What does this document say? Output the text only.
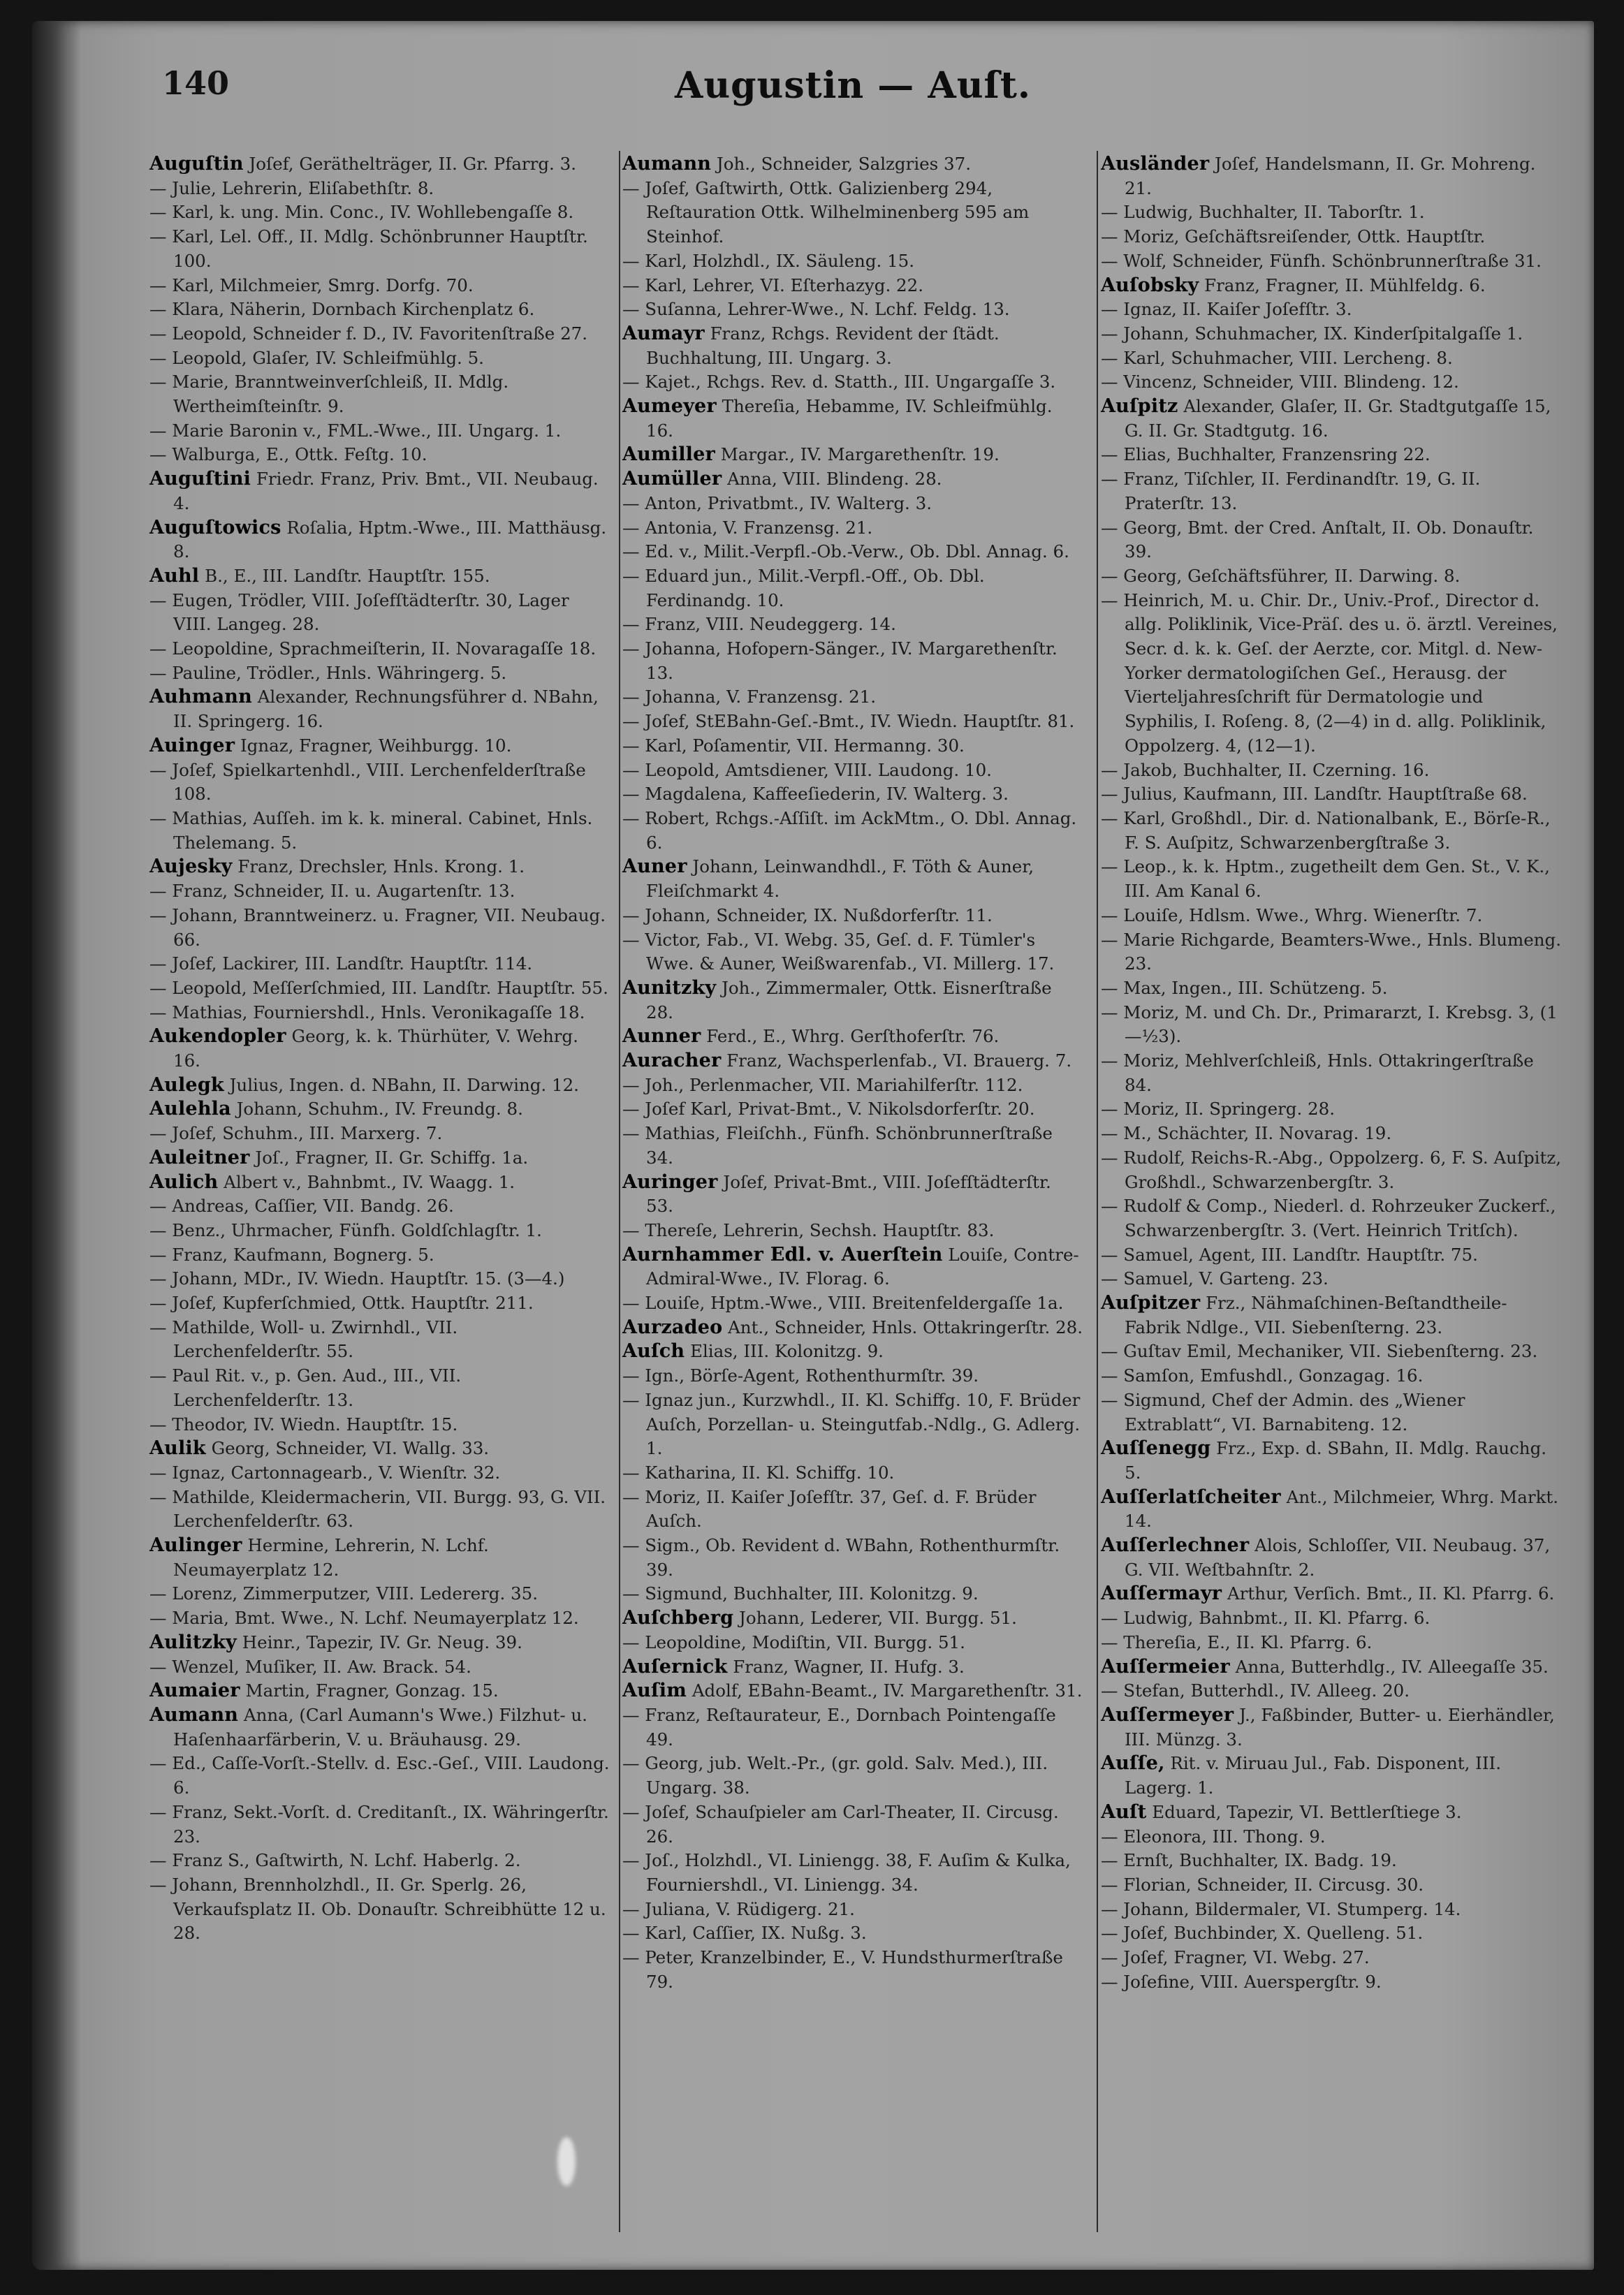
140	Augustin — Auſt.

Auguſtin Joſef, Geräthelträger, II. Gr. Pfarrg. 3.

— Julie, Lehrerin, Eliſabethſtr. 8.

— Karl, k. ung. Min. Conc., IV. Wohllebengaſſe 8.

— Karl, Lel. Off., II. Mdlg. Schönbrunner Hauptſtr. 100.

— Karl, Milchmeier, Smrg. Dorfg. 70.

— Klara, Näherin, Dornbach Kirchenplatz 6.

— Leopold, Schneider f. D., IV. Favoritenſtraße 27.

— Leopold, Glaſer, IV. Schleifmühlg. 5.

— Marie, Branntweinverſchleiß, II. Mdlg. Wertheimſteinſtr. 9.

— Marie Baronin v., FML.-Wwe., III. Ungarg. 1.

— Walburga, E., Ottk. Feſtg. 10.

Auguſtini Friedr. Franz, Priv. Bmt., VII. Neubaug. 4.

Auguſtowics Roſalia, Hptm.-Wwe., III. Matthäusg. 8.

Auhl B., E., III. Landſtr. Hauptſtr. 155.

— Eugen, Trödler, VIII. Joſefſtädterſtr. 30, Lager VIII. Langeg. 28.

— Leopoldine, Sprachmeiſterin, II. Novaragaſſe 18.

— Pauline, Trödler., Hnls. Währingerg. 5.

Auhmann Alexander, Rechnungsführer d. NBahn, II. Springerg. 16.

Auinger Ignaz, Fragner, Weihburgg. 10.

— Joſef, Spielkartenhdl., VIII. Lerchenfelderſtraße 108.

— Mathias, Auſſeh. im k. k. mineral. Cabinet, Hnls. Thelemang. 5.

Aujesky Franz, Drechsler, Hnls. Krong. 1.

— Franz, Schneider, II. u. Augartenſtr. 13.

— Johann, Branntweinerz. u. Fragner, VII. Neubaug. 66.

— Joſef, Lackirer, III. Landſtr. Hauptſtr. 114.

— Leopold, Meſſerſchmied, III. Landſtr. Hauptſtr. 55.

— Mathias, Fourniershdl., Hnls. Veronikagaſſe 18.

Aukendopler Georg, k. k. Thürhüter, V. Wehrg. 16.

Aulegk Julius, Ingen. d. NBahn, II. Darwing. 12.

Aulehla Johann, Schuhm., IV. Freundg. 8.

— Joſef, Schuhm., III. Marxerg. 7.

Auleitner Joſ., Fragner, II. Gr. Schiffg. 1a.

Aulich Albert v., Bahnbmt., IV. Waagg. 1.

— Andreas, Caſſier, VII. Bandg. 26.

— Benz., Uhrmacher, Fünfh. Goldſchlagſtr. 1.

— Franz, Kaufmann, Bognerg. 5.

— Johann, MDr., IV. Wiedn. Hauptſtr. 15. (3—4.)

— Joſef, Kupferſchmied, Ottk. Hauptſtr. 211.

— Mathilde, Woll- u. Zwirnhdl., VII. Lerchenfelderſtr. 55.

— Paul Rit. v., p. Gen. Aud., III., VII. Lerchenfelderſtr. 13.

— Theodor, IV. Wiedn. Hauptſtr. 15.

Aulik Georg, Schneider, VI. Wallg. 33.

— Ignaz, Cartonnagearb., V. Wienſtr. 32.

— Mathilde, Kleidermacherin, VII. Burgg. 93, G. VII. Lerchenfelderſtr. 63.

Aulinger Hermine, Lehrerin, N. Lchf. Neumayerplatz 12.

— Lorenz, Zimmerputzer, VIII. Ledererg. 35.

— Maria, Bmt. Wwe., N. Lchf. Neumayerplatz 12.

Aulitzky Heinr., Tapezir, IV. Gr. Neug. 39.

— Wenzel, Muſiker, II. Aw. Brack. 54.

Aumaier Martin, Fragner, Gonzag. 15.

Aumann Anna, (Carl Aumann's Wwe.) Filzhut- u. Haſenhaarfärberin, V. u. Bräuhausg. 29.

— Ed., Caſſe-Vorſt.-Stellv. d. Esc.-Geſ., VIII. Laudong. 6.

— Franz, Sekt.-Vorſt. d. Creditanſt., IX. Währingerſtr. 23.

— Franz S., Gaſtwirth, N. Lchf. Haberlg. 2.

— Johann, Brennholzhdl., II. Gr. Sperlg. 26, Verkaufsplatz II. Ob. Donauſtr. Schreibhütte 12 u. 28.

Aumann Joh., Schneider, Salzgries 37.

— Joſef, Gaſtwirth, Ottk. Galizienberg 294, Reſtauration Ottk. Wilhelminenberg 595 am Steinhof.

— Karl, Holzhdl., IX. Säuleng. 15.

— Karl, Lehrer, VI. Eſterhazyg. 22.

— Suſanna, Lehrer-Wwe., N. Lchf. Feldg. 13.

Aumayr Franz, Rchgs. Revident der ſtädt. Buchhaltung, III. Ungarg. 3.

— Kajet., Rchgs. Rev. d. Statth., III. Ungargaſſe 3.

Aumeyer Thereſia, Hebamme, IV. Schleifmühlg. 16.

Aumiller Margar., IV. Margarethenſtr. 19.

Aumüller Anna, VIII. Blindeng. 28.

— Anton, Privatbmt., IV. Walterg. 3.

— Antonia, V. Franzensg. 21.

— Ed. v., Milit.-Verpfl.-Ob.-Verw., Ob. Dbl. Annag. 6.

— Eduard jun., Milit.-Verpfl.-Off., Ob. Dbl. Ferdinandg. 10.

— Franz, VIII. Neudeggerg. 14.

— Johanna, Hofopern-Sänger., IV. Margarethenſtr. 13.

— Johanna, V. Franzensg. 21.

— Joſef, StEBahn-Geſ.-Bmt., IV. Wiedn. Hauptſtr. 81.

— Karl, Poſamentir, VII. Hermanng. 30.

— Leopold, Amtsdiener, VIII. Laudong. 10.

— Magdalena, Kaffeeſiederin, IV. Walterg. 3.

— Robert, Rchgs.-Aſſiſt. im AckMtm., O. Dbl. Annag. 6.

Auner Johann, Leinwandhdl., F. Töth & Auner, Fleiſchmarkt 4.

— Johann, Schneider, IX. Nußdorferſtr. 11.

— Victor, Fab., VI. Webg. 35, Geſ. d. F. Tümler's Wwe. & Auner, Weißwarenfab., VI. Millerg. 17.

Aunitzky Joh., Zimmermaler, Ottk. Eisnerſtraße 28.

Aunner Ferd., E., Whrg. Gerſthoferſtr. 76.

Auracher Franz, Wachsperlenfab., VI. Brauerg. 7.

— Joh., Perlenmacher, VII. Mariahilferſtr. 112.

— Joſef Karl, Privat-Bmt., V. Nikolsdorferſtr. 20.

— Mathias, Fleiſchh., Fünfh. Schönbrunnerſtraße 34.

Auringer Joſef, Privat-Bmt., VIII. Joſefſtädterſtr. 53.

— Thereſe, Lehrerin, Sechsh. Hauptſtr. 83.

Aurnhammer Edl. v. Auerſtein Louiſe, Contre-Admiral-Wwe., IV. Florag. 6.

— Louiſe, Hptm.-Wwe., VIII. Breitenfeldergaſſe 1a.

Aurzadeo Ant., Schneider, Hnls. Ottakringerſtr. 28.

Auſch Elias, III. Kolonitzg. 9.

— Ign., Börſe-Agent, Rothenthurmſtr. 39.

— Ignaz jun., Kurzwhdl., II. Kl. Schiffg. 10, F. Brüder Auſch, Porzellan- u. Steingutfab.-Ndlg., G. Adlerg. 1.

— Katharina, II. Kl. Schiffg. 10.

— Moriz, II. Kaiſer Joſefſtr. 37, Geſ. d. F. Brüder Auſch.

— Sigm., Ob. Revident d. WBahn, Rothenthurmſtr. 39.

— Sigmund, Buchhalter, III. Kolonitzg. 9.

Auſchberg Johann, Lederer, VII. Burgg. 51.

— Leopoldine, Modiſtin, VII. Burgg. 51.

Auſernick Franz, Wagner, II. Hufg. 3.

Auſim Adolf, EBahn-Beamt., IV. Margarethenſtr. 31.

— Franz, Reſtaurateur, E., Dornbach Pointengaſſe 49.

— Georg, jub. Welt.-Pr., (gr. gold. Salv. Med.), III. Ungarg. 38.

— Joſef, Schauſpieler am Carl-Theater, II. Circusg. 26.

— Joſ., Holzhdl., VI. Liniengg. 38, F. Auſim & Kulka, Fourniershdl., VI. Liniengg. 34.

— Juliana, V. Rüdigerg. 21.

— Karl, Caſſier, IX. Nußg. 3.

— Peter, Kranzelbinder, E., V. Hundsthurmerſtraße 79.

Ausländer Joſef, Handelsmann, II. Gr. Mohreng. 21.

— Ludwig, Buchhalter, II. Taborſtr. 1.

— Moriz, Geſchäftsreiſender, Ottk. Hauptſtr.

— Wolf, Schneider, Fünfh. Schönbrunnerſtraße 31.

Auſobsky Franz, Fragner, II. Mühlfeldg. 6.

— Ignaz, II. Kaiſer Joſefſtr. 3.

— Johann, Schuhmacher, IX. Kinderſpitalgaſſe 1.

— Karl, Schuhmacher, VIII. Lercheng. 8.

— Vincenz, Schneider, VIII. Blindeng. 12.

Auſpitz Alexander, Glaſer, II. Gr. Stadtgutgaſſe 15, G. II. Gr. Stadtgutg. 16.

— Elias, Buchhalter, Franzensring 22.

— Franz, Tiſchler, II. Ferdinandſtr. 19, G. II. Praterſtr. 13.

— Georg, Bmt. der Cred. Anſtalt, II. Ob. Donauſtr. 39.

— Georg, Geſchäftsführer, II. Darwing. 8.

— Heinrich, M. u. Chir. Dr., Univ.-Prof., Director d. allg. Poliklinik, Vice-Präſ. des u. ö. ärztl. Vereines, Secr. d. k. k. Geſ. der Aerzte, cor. Mitgl. d. New-Yorker dermatologiſchen Geſ., Herausg. der Vierteljahresſchrift für Dermatologie und Syphilis, I. Roſeng. 8, (2—4) in d. allg. Poliklinik, Oppolzerg. 4, (12—1).

— Jakob, Buchhalter, II. Czerning. 16.

— Julius, Kaufmann, III. Landſtr. Hauptſtraße 68.

— Karl, Großhdl., Dir. d. Nationalbank, E., Börſe-R., F. S. Auſpitz, Schwarzenbergſtraße 3.

— Leop., k. k. Hptm., zugetheilt dem Gen. St., V. K., III. Am Kanal 6.

— Louiſe, Hdlsm. Wwe., Whrg. Wienerſtr. 7.

— Marie Richgarde, Beamters-Wwe., Hnls. Blumeng. 23.

— Max, Ingen., III. Schützeng. 5.

— Moriz, M. und Ch. Dr., Primararzt, I. Krebsg. 3, (1—½3).

— Moriz, Mehlverſchleiß, Hnls. Ottakringerſtraße 84.

— Moriz, II. Springerg. 28.

— M., Schächter, II. Novarag. 19.

— Rudolf, Reichs-R.-Abg., Oppolzerg. 6, F. S. Auſpitz, Großhdl., Schwarzenbergſtr. 3.

— Rudolf & Comp., Niederl. d. Rohrzeuker Zuckerf., Schwarzenbergſtr. 3. (Vert. Heinrich Tritſch).

— Samuel, Agent, III. Landſtr. Hauptſtr. 75.

— Samuel, V. Garteng. 23.

Auſpitzer Frz., Nähmaſchinen-Beſtandtheile-Fabrik Ndlge., VII. Siebenſterng. 23.

— Guſtav Emil, Mechaniker, VII. Siebenſterng. 23.

— Samſon, Emfushdl., Gonzagag. 16.

— Sigmund, Chef der Admin. des „Wiener Extrablatt“, VI. Barnabiteng. 12.

Auſſenegg Frz., Exp. d. SBahn, II. Mdlg. Rauchg. 5.

Auſſerlatſcheiter Ant., Milchmeier, Whrg. Markt. 14.

Auſſerlechner Alois, Schloſſer, VII. Neubaug. 37, G. VII. Weſtbahnſtr. 2.

Auſſermayr Arthur, Verſich. Bmt., II. Kl. Pfarrg. 6.

— Ludwig, Bahnbmt., II. Kl. Pfarrg. 6.

— Thereſia, E., II. Kl. Pfarrg. 6.

Auſſermeier Anna, Butterhdlg., IV. Alleegaſſe 35.

— Stefan, Butterhdl., IV. Alleeg. 20.

Auſſermeyer J., Faßbinder, Butter- u. Eierhändler, III. Münzg. 3.

Auſſe, Rit. v. Miruau Jul., Fab. Disponent, III. Lagerg. 1.

Auſt Eduard, Tapezir, VI. Bettlerſtiege 3.

— Eleonora, III. Thong. 9.

— Ernſt, Buchhalter, IX. Badg. 19.

— Florian, Schneider, II. Circusg. 30.

— Johann, Bildermaler, VI. Stumperg. 14.

— Joſef, Buchbinder, X. Quelleng. 51.

— Joſef, Fragner, VI. Webg. 27.

— Joſefine, VIII. Auerspergſtr. 9.
